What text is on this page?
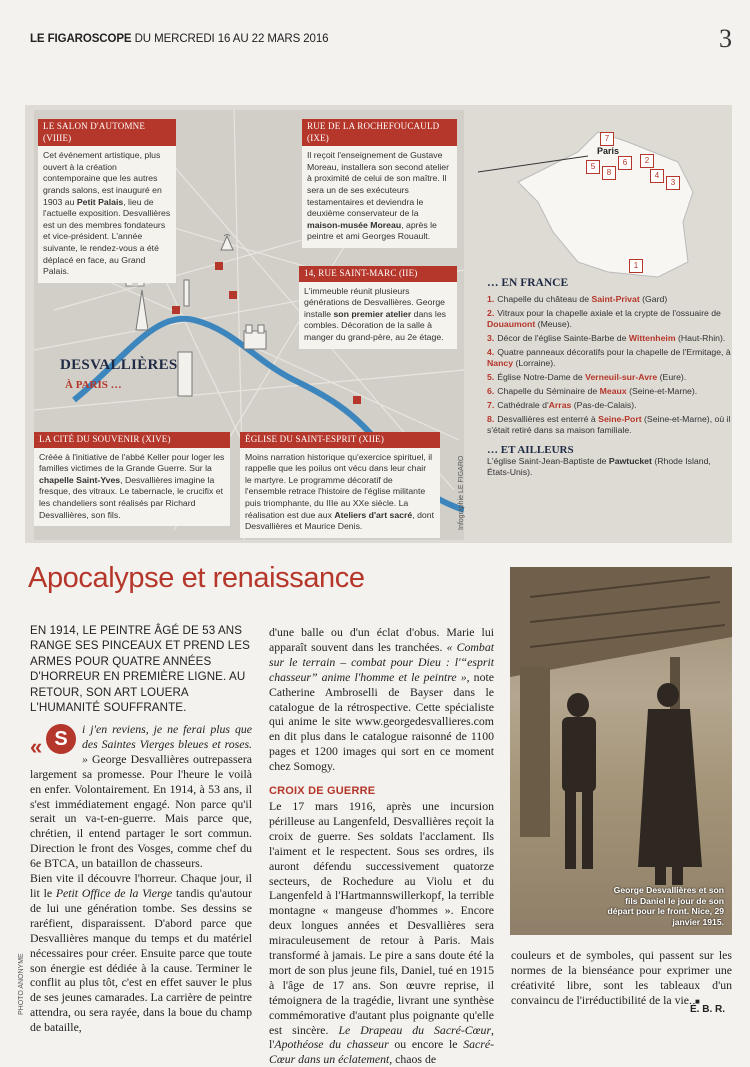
LE FIGAROSCOPE DU MERCREDI 16 AU 22 MARS 2016	3
DESVALLIÈRES
À PARIS …
LE SALON D'AUTOMNE (VIIIE)
Cet événement artistique, plus ouvert à la création contemporaine que les autres grands salons, est inauguré en 1903 au Petit Palais, lieu de l'actuelle exposition. Desvallières est un des membres fondateurs et vice-président. L'année suivante, le rendez-vous a été déplacé en face, au Grand Palais.
RUE DE LA ROCHEFOUCAULD (IXE)
Il reçoit l'enseignement de Gustave Moreau, installera son second atelier à proximité de celui de son maître. Il sera un de ses exécuteurs testamentaires et deviendra le deuxième conservateur de la maison-musée Moreau, après le peintre et ami Georges Rouault.
14, RUE SAINT-MARC (IIE)
L'immeuble réunit plusieurs générations de Desvallières. George installe son premier atelier dans les combles. Décoration de la salle à manger du grand-père, au 2e étage.
LA CITÉ DU SOUVENIR (XIVE)
Créée à l'initiative de l'abbé Keller pour loger les familles victimes de la Grande Guerre. Sur la chapelle Saint-Yves, Desvallières imagine la fresque, des vitraux. Le tabernacle, le crucifix et les chandeliers sont réalisés par Richard Desvallières, son fils.
ÉGLISE DU SAINT-ESPRIT (XIIE)
Moins narration historique qu'exercice spirituel, il rappelle que les poilus ont vécu dans leur chair le martyre. Le programme décoratif de l'ensemble retrace l'histoire de l'église militante puis triomphante, du IIIe au XXe siècle. La réalisation est due aux Ateliers d'art sacré, dont Desvallières et Maurice Denis.	Infographie LE FIGARO
Paris
7
5
8
6	2
4
3
1
… EN FRANCE
1. Chapelle du château de Saint-Privat (Gard)
2. Vitraux pour la chapelle axiale et la crypte de l'ossuaire de Douaumont (Meuse).
3. Décor de l'église Sainte-Barbe de Wittenheim (Haut-Rhin).
4. Quatre panneaux décoratifs pour la chapelle de l'Ermitage, à Nancy (Lorraine).
5. Église Notre-Dame de Verneuil-sur-Avre (Eure).
6. Chapelle du Séminaire de Meaux (Seine-et-Marne).
7. Cathédrale d'Arras (Pas-de-Calais).
8. Desvallières est enterré à Seine-Port (Seine-et-Marne), où il s'était retiré dans sa maison familiale.
… ET AILLEURS
L'église Saint-Jean-Baptiste de Pawtucket (Rhode Island, États-Unis).
Apocalypse et renaissance
EN 1914, LE PEINTRE ÂGÉ DE 53 ANS RANGE SES PINCEAUX ET PREND LES ARMES POUR QUATRE ANNÉES D'HORREUR EN PREMIÈRE LIGNE. AU RETOUR, SON ART LOUERA L'HUMANITÉ SOUFFRANTE.
« S	i j'en reviens, je ne ferai plus que des Saintes Vierges bleues et roses. » George Desvallières outrepassera largement sa promesse. Pour l'heure le voilà en enfer. Volontairement. En 1914, à 53 ans, il s'est immédiatement engagé. Non parce qu'il serait un va-t-en-guerre. Mais parce que, chrétien, il entend partager le sort commun. Direction le front des Vosges, comme chef du 6e BTCA, un bataillon de chasseurs.
Bien vite il découvre l'horreur. Chaque jour, il lit le Petit Office de la Vierge tandis qu'autour de lui une génération tombe. Ses dessins se raréfient, disparaissent. D'abord parce que Desvallières manque du temps et du matériel nécessaires pour créer. Ensuite parce que toute son énergie est dédiée à la cause. Terminer le conflit au plus tôt, c'est en effet sauver le plus de ses jeunes camarades. La carrière de peintre attendra, ou sera rayée, dans la boue du champ de bataille,
d'une balle ou d'un éclat d'obus. Marie lui apparaît souvent dans les tranchées. « Combat sur le terrain – combat pour Dieu : l'“esprit chasseur” anime l'homme et le peintre », note Catherine Ambroselli de Bayser dans le catalogue de la rétrospective. Cette spécialiste qui anime le site www.georgedesvallieres.com en dit plus dans le catalogue raisonné de 1100 pages et 1200 images qui sort en ce moment chez Somogy.
CROIX DE GUERRE
Le 17 mars 1916, après une incursion périlleuse au Langenfeld, Desvallières reçoit la croix de guerre. Ses soldats l'acclament. Ils l'aiment et le respectent. Sous ses ordres, ils auront défendu successivement quatorze secteurs, de Rochedure au Violu et du Langenfeld à l'Hartmannswillerkopf, la terrible montagne « mangeuse d'hommes ». Encore deux longues années et Desvallières sera miraculeusement de retour à Paris. Mais transformé à jamais. Le pire a sans doute été la mort de son plus jeune fils, Daniel, tué en 1915 à l'âge de 17 ans. Son œuvre reprise, il témoignera de la tragédie, livrant une synthèse commémorative d'autant plus poignante qu'elle est sincère. Le Drapeau du Sacré-Cœur, l'Apothéose du chasseur ou encore le Sacré-Cœur dans un éclatement, chaos de
George Desvallières et son fils Daniel le jour de son départ pour le front. Nice, 29 janvier 1915.
couleurs et de symboles, qui passent sur les normes de la bienséance pour exprimer une créativité libre, sont les tableaux d'un convaincu de l'irréductibilité de la vie. ■
É. B. R.
PHOTO ANONYME
